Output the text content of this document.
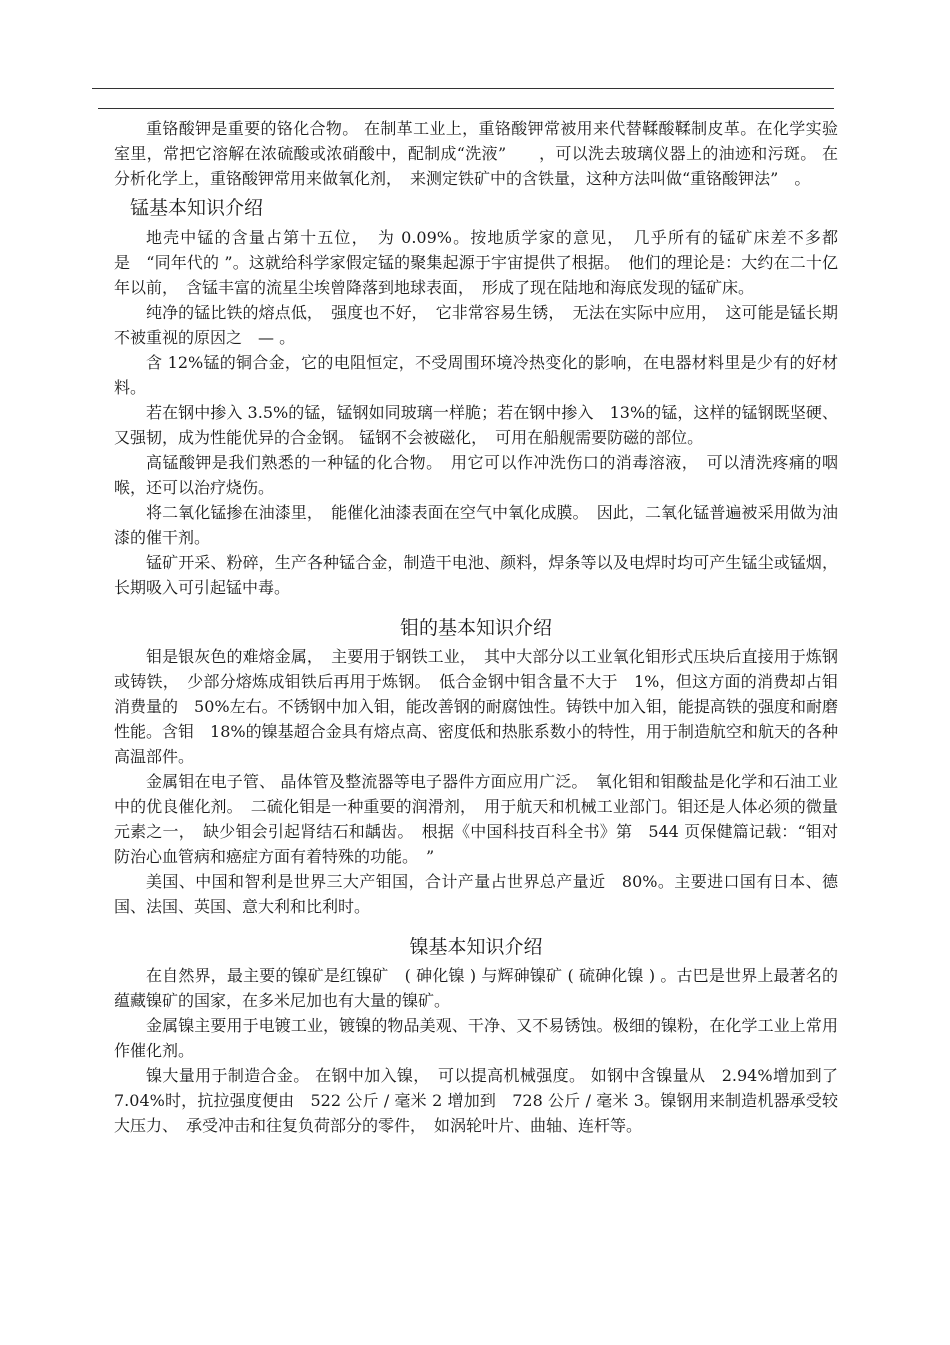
重铬酸钾是重要的铬化合物。 在制革工业上，重铬酸钾常被用来代替鞣酸鞣制皮革。在化学实验室里，常把它溶解在浓硫酸或浓硝酸中，配制成“洗液”　　，可以洗去玻璃仪器上的油迹和污斑。 在分析化学上，重铬酸钾常用来做氧化剂，　来测定铁矿中的含铁量，这种方法叫做“重铬酸钾法”　。

锰基本知识介绍

地壳中锰的含量占第十五位，　为 0.09%。按地质学家的意见，　几乎所有的锰矿床差不多都是　“同年代的 ”。这就给科学家假定锰的聚集起源于宇宙提供了根据。　他们的理论是：大约在二十亿年以前，　含锰丰富的流星尘埃曾降落到地球表面，　形成了现在陆地和海底发现的锰矿床。

纯净的锰比铁的熔点低，　强度也不好，　它非常容易生锈，　无法在实际中应用，　这可能是锰长期不被重视的原因之　— 。

含 12%锰的铜合金，它的电阻恒定，不受周围环境冷热变化的影响，在电器材料里是少有的好材料。

若在钢中掺入 3.5%的锰，锰钢如同玻璃一样脆；若在钢中掺入　13%的锰，这样的锰钢既坚硬、 又强韧，成为性能优异的合金钢。 锰钢不会被磁化，　可用在船舰需要防磁的部位。

高锰酸钾是我们熟悉的一种锰的化合物。　用它可以作冲洗伤口的消毒溶液，　可以清洗疼痛的咽喉，还可以治疗烧伤。

将二氧化锰掺在油漆里，　能催化油漆表面在空气中氧化成膜。　因此，二氧化锰普遍被采用做为油漆的催干剂。

锰矿开采、粉碎，生产各种锰合金，制造干电池、颜料，焊条等以及电焊时均可产生锰尘或锰烟，长期吸入可引起锰中毒。

钼的基本知识介绍

钼是银灰色的难熔金属，　主要用于钢铁工业，　其中大部分以工业氧化钼形式压块后直接用于炼钢或铸铁，　少部分熔炼成钼铁后再用于炼钢。　低合金钢中钼含量不大于　1%，但这方面的消费却占钼消费量的　50%左右。不锈钢中加入钼，能改善钢的耐腐蚀性。铸铁中加入钼，能提高铁的强度和耐磨性能。含钼　18%的镍基超合金具有熔点高、密度低和热胀系数小的特性，用于制造航空和航天的各种高温部件。

金属钼在电子管、 晶体管及整流器等电子器件方面应用广泛。　氧化钼和钼酸盐是化学和石油工业中的优良催化剂。　二硫化钼是一种重要的润滑剂，　用于航天和机械工业部门。钼还是人体必须的微量元素之一，　缺少钼会引起肾结石和龋齿。　根据《中国科技百科全书》第　544 页保健篇记载：“钼对防治心血管病和癌症方面有着特殊的功能。　”

美国、中国和智利是世界三大产钼国，合计产量占世界总产量近　80%。主要进口国有日本、德国、法国、英国、意大利和比利时。

镍基本知识介绍

在自然界，最主要的镍矿是红镍矿　( 砷化镍 ) 与辉砷镍矿 ( 硫砷化镍 ) 。古巴是世界上最著名的蕴藏镍矿的国家，在多米尼加也有大量的镍矿。

金属镍主要用于电镀工业，镀镍的物品美观、干净、又不易锈蚀。极细的镍粉，在化学工业上常用作催化剂。

镍大量用于制造合金。 在钢中加入镍，　可以提高机械强度。 如钢中含镍量从　2.94%增加到了　7.04%时，抗拉强度便由　522 公斤 / 毫米 2 增加到　728 公斤 / 毫米 3。镍钢用来制造机器承受较大压力、　承受冲击和往复负荷部分的零件，　如涡轮叶片、曲轴、连杆等。
